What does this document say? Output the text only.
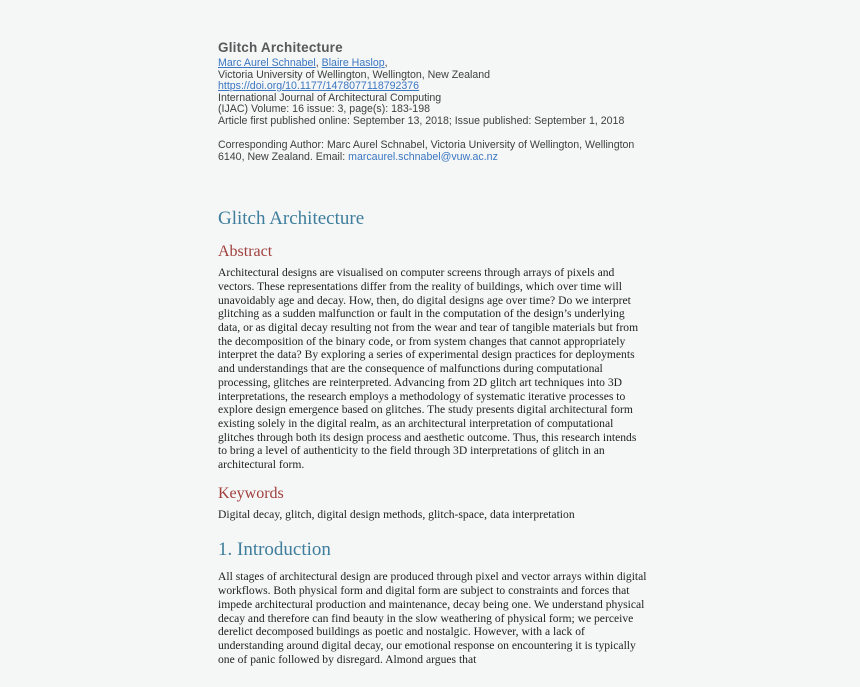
Glitch Architecture
Marc Aurel Schnabel, Blaire Haslop,
Victoria University of Wellington, Wellington, New Zealand
https://doi.org/10.1177/1478077118792376
International Journal of Architectural Computing
(IJAC) Volume: 16 issue: 3, page(s): 183-198
Article first published online: September 13, 2018; Issue published: September 1, 2018

Corresponding Author: Marc Aurel Schnabel, Victoria University of Wellington, Wellington 6140, New Zealand. Email: marcaurel.schnabel@vuw.ac.nz

Glitch Architecture
Abstract

Architectural designs are visualised on computer screens through arrays of pixels and vectors. These representations differ from the reality of buildings, which over time will unavoidably age and decay. How, then, do digital designs age over time? Do we interpret glitching as a sudden malfunction or fault in the computation of the design’s underlying data, or as digital decay resulting not from the wear and tear of tangible materials but from the decomposition of the binary code, or from system changes that cannot appropriately interpret the data? By exploring a series of experimental design practices for deployments and understandings that are the consequence of malfunctions during computational processing, glitches are reinterpreted. Advancing from 2D glitch art techniques into 3D interpretations, the research employs a methodology of systematic iterative processes to explore design emergence based on glitches. The study presents digital architectural form existing solely in the digital realm, as an architectural interpretation of computational glitches through both its design process and aesthetic outcome. Thus, this research intends to bring a level of authenticity to the field through 3D interpretations of glitch in an architectural form.

Keywords

Digital decay, glitch, digital design methods, glitch-space, data interpretation

1. Introduction

All stages of architectural design are produced through pixel and vector arrays within digital workflows. Both physical form and digital form are subject to constraints and forces that impede architectural production and maintenance, decay being one. We understand physical decay and therefore can find beauty in the slow weathering of physical form; we perceive derelict decomposed buildings as poetic and nostalgic. However, with a lack of understanding around digital decay, our emotional response on encountering it is typically one of panic followed by disregard. Almond argues that
